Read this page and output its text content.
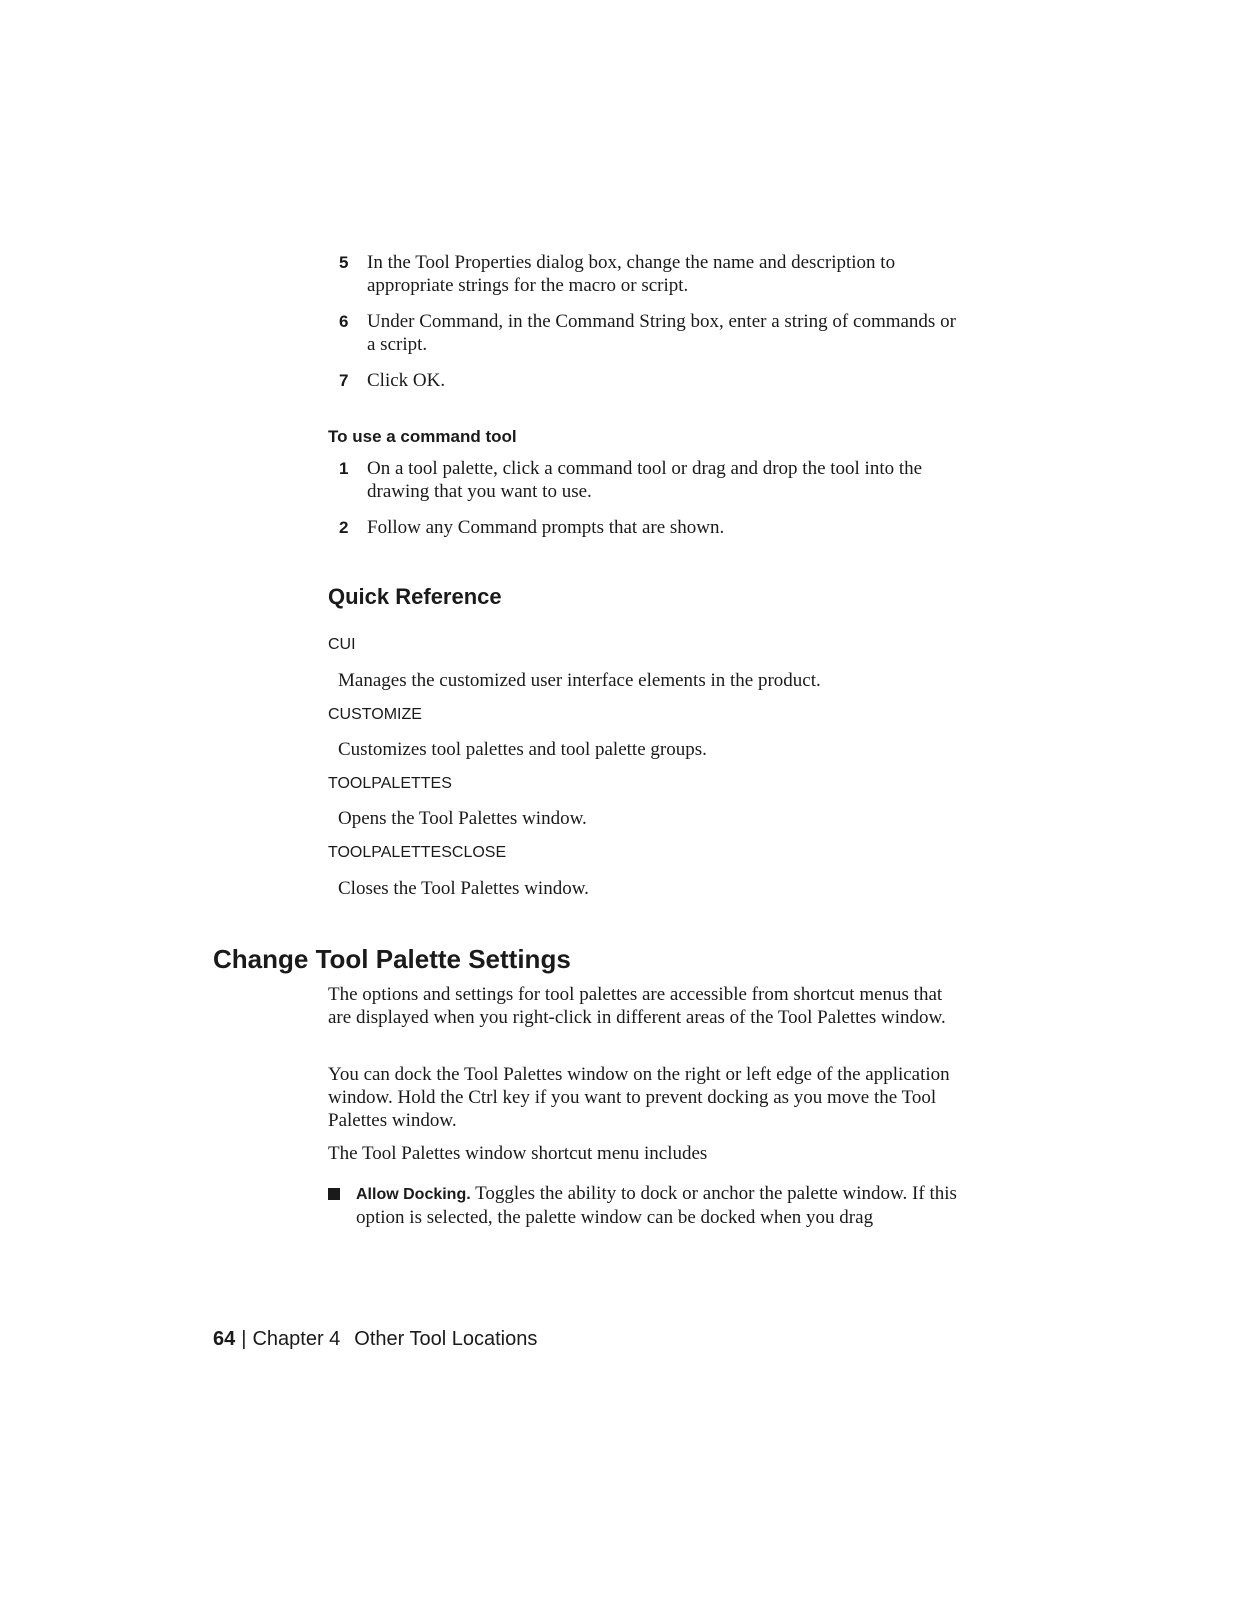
5 In the Tool Properties dialog box, change the name and description to appropriate strings for the macro or script.
6 Under Command, in the Command String box, enter a string of commands or a script.
7 Click OK.
To use a command tool
1 On a tool palette, click a command tool or drag and drop the tool into the drawing that you want to use.
2 Follow any Command prompts that are shown.
Quick Reference
CUI
Manages the customized user interface elements in the product.
CUSTOMIZE
Customizes tool palettes and tool palette groups.
TOOLPALETTES
Opens the Tool Palettes window.
TOOLPALETTESCLOSE
Closes the Tool Palettes window.
Change Tool Palette Settings
The options and settings for tool palettes are accessible from shortcut menus that are displayed when you right-click in different areas of the Tool Palettes window.
You can dock the Tool Palettes window on the right or left edge of the application window. Hold the Ctrl key if you want to prevent docking as you move the Tool Palettes window.
The Tool Palettes window shortcut menu includes
Allow Docking. Toggles the ability to dock or anchor the palette window. If this option is selected, the palette window can be docked when you drag
64 | Chapter 4 Other Tool Locations
